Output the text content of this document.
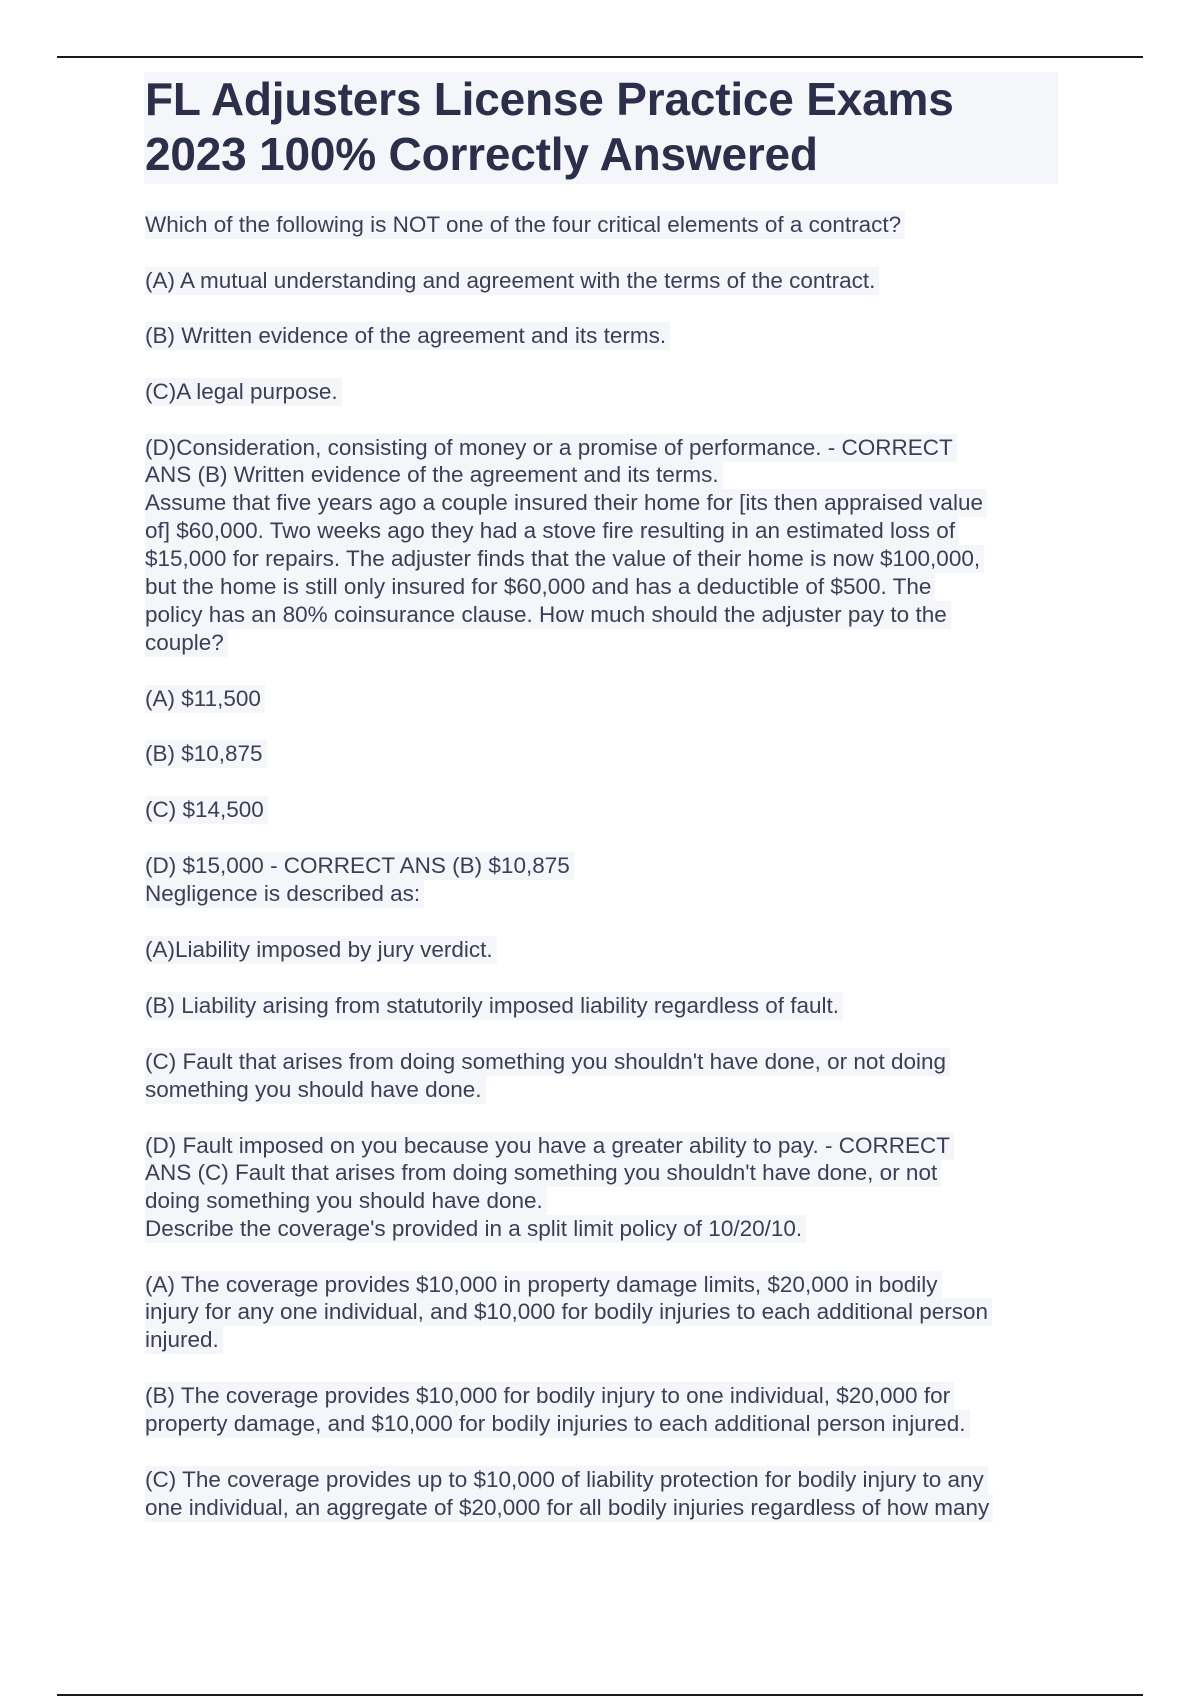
FL Adjusters License Practice Exams
2023 100% Correctly Answered
Which of the following is NOT one of the four critical elements of a contract?
(A) A mutual understanding and agreement with the terms of the contract.
(B) Written evidence of the agreement and its terms.
(C)A legal purpose.
(D)Consideration, consisting of money or a promise of performance. - CORRECT
ANS (B) Written evidence of the agreement and its terms.
Assume that five years ago a couple insured their home for [its then appraised value
of] $60,000. Two weeks ago they had a stove fire resulting in an estimated loss of
$15,000 for repairs. The adjuster finds that the value of their home is now $100,000,
but the home is still only insured for $60,000 and has a deductible of $500. The
policy has an 80% coinsurance clause. How much should the adjuster pay to the
couple?
(A) $11,500
(B) $10,875
(C) $14,500
(D) $15,000 - CORRECT ANS (B) $10,875
Negligence is described as:
(A)Liability imposed by jury verdict.
(B) Liability arising from statutorily imposed liability regardless of fault.
(C) Fault that arises from doing something you shouldn't have done, or not doing
something you should have done.
(D) Fault imposed on you because you have a greater ability to pay. - CORRECT
ANS (C) Fault that arises from doing something you shouldn't have done, or not
doing something you should have done.
Describe the coverage's provided in a split limit policy of 10/20/10.
(A) The coverage provides $10,000 in property damage limits, $20,000 in bodily
injury for any one individual, and $10,000 for bodily injuries to each additional person
injured.
(B) The coverage provides $10,000 for bodily injury to one individual, $20,000 for
property damage, and $10,000 for bodily injuries to each additional person injured.
(C) The coverage provides up to $10,000 of liability protection for bodily injury to any
one individual, an aggregate of $20,000 for all bodily injuries regardless of how many
